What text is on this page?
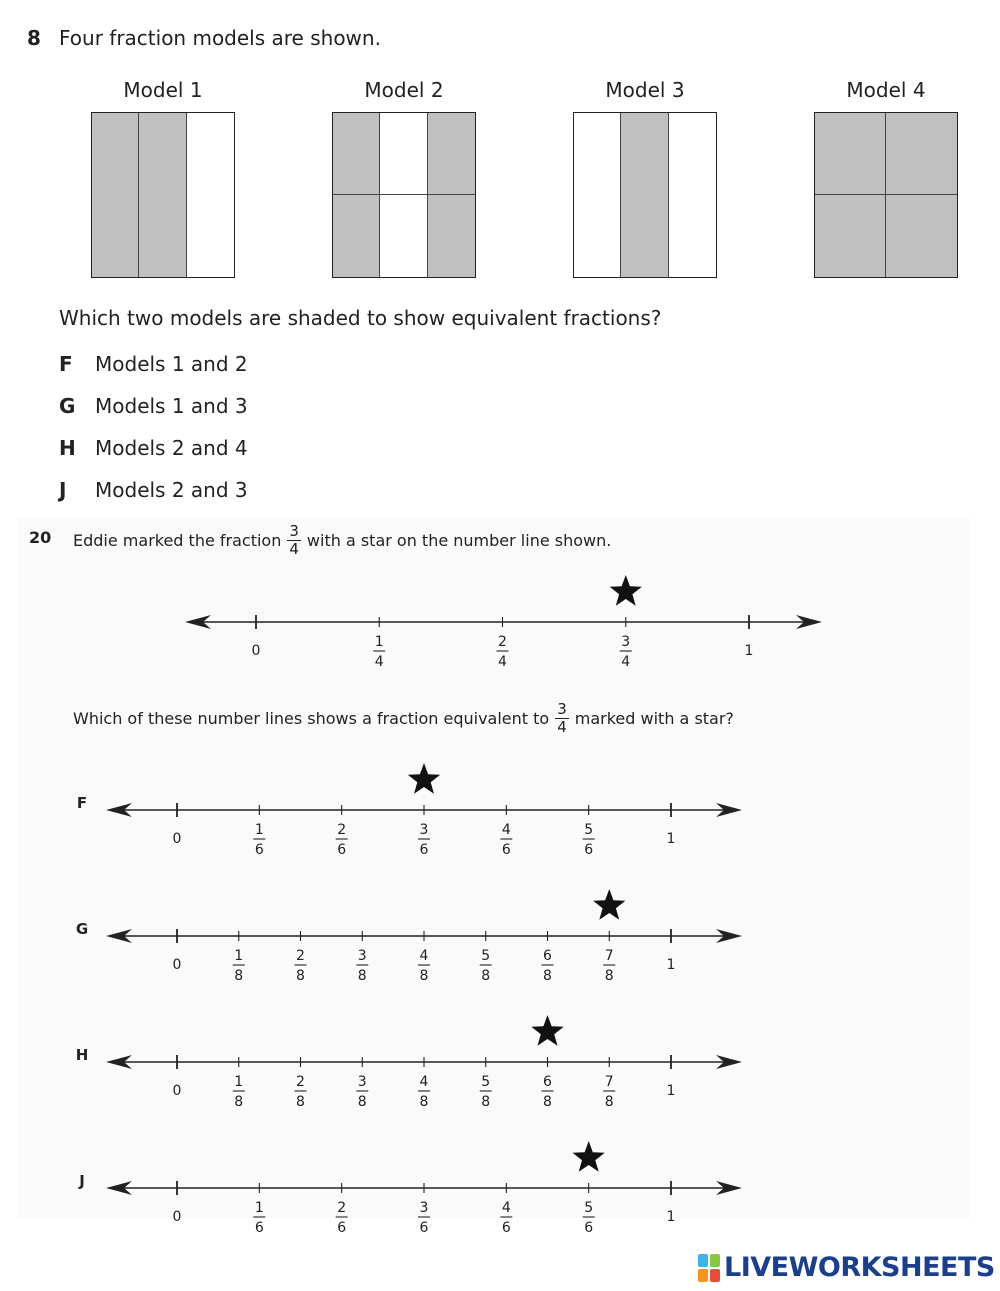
8 Four fraction models are shown.
Model 1	Model 2	Model 3	Model 4
Which two models are shaded to show equivalent fractions?
F Models 1 and 2
G Models 1 and 3
H Models 2 and 4
J Models 2 and 3
20 Eddie marked the fraction $\frac{3}{4}$ with a star on the number line shown.
Which of these number lines shows a fraction equivalent to $\frac{3}{4}$ marked with a star?
0
1
4
2
4
3
4
1
F
0
1
6
2
6
3
6
4
6
5
6
1
G
0
1
8
2
8
3
8
4
8
5
8
6
8
7
8
1
H
0
1
8
2
8
3
8
4
8
5
8
6
8
7
8
1
J
0
1
6
2
6
3
6
4
6
5
6
1
LIVEWORKSHEETS
